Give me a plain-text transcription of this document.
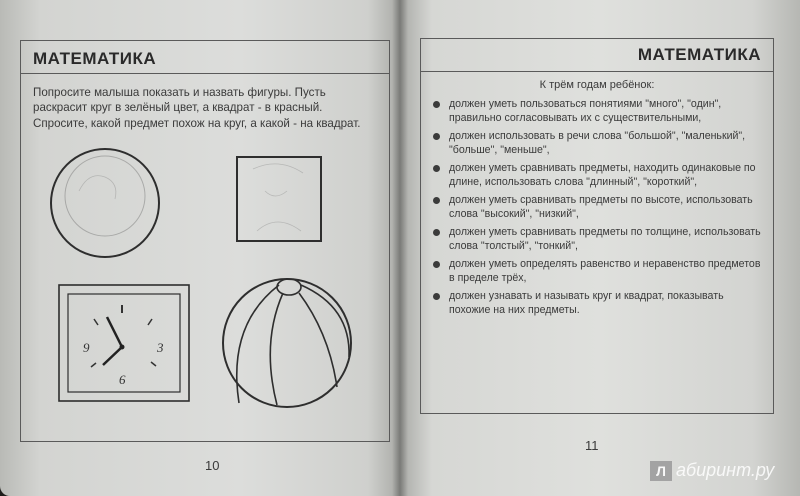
МАТЕМАТИКА
Попросите малыша показать и назвать фигуры. Пусть раскрасит круг в зелёный цвет, а квадрат - в красный. Спросите, какой предмет похож на круг, а какой - на квадрат.
3
6
9
10
МАТЕМАТИКА
К трём годам ребёнок:
должен уметь пользоваться понятиями "много", "один", правильно согласовывать их с существительными,
должен использовать в речи слова "большой", "маленький", "больше", "меньше",
должен уметь сравнивать предметы, находить одинаковые по длине, использовать слова "длинный", "короткий",
должен уметь сравнивать предметы по высоте, использовать слова "высокий", "низкий",
должен уметь сравнивать предметы по толщине, использовать слова "толстый", "тонкий",
должен уметь определять равенство и неравенство предметов в пределе трёх,
должен узнавать и называть круг и квадрат, показывать похожие на них предметы.
11
Л абиринт.ру
